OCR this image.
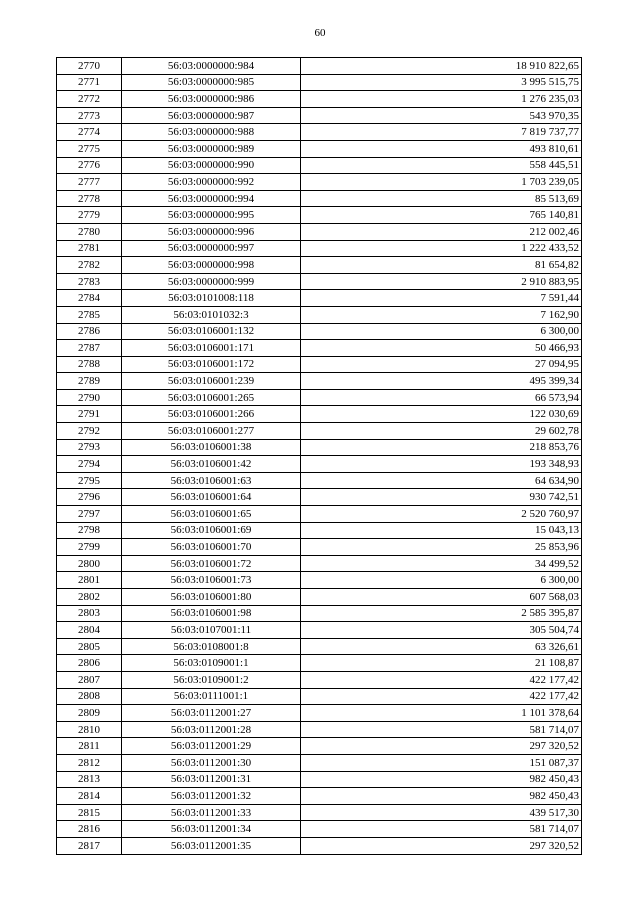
60
2770	56:03:0000000:984	18 910 822,65
2771	56:03:0000000:985	3 995 515,75
2772	56:03:0000000:986	1 276 235,03
2773	56:03:0000000:987	543 970,35
2774	56:03:0000000:988	7 819 737,77
2775	56:03:0000000:989	493 810,61
2776	56:03:0000000:990	558 445,51
2777	56:03:0000000:992	1 703 239,05
2778	56:03:0000000:994	85 513,69
2779	56:03:0000000:995	765 140,81
2780	56:03:0000000:996	212 002,46
2781	56:03:0000000:997	1 222 433,52
2782	56:03:0000000:998	81 654,82
2783	56:03:0000000:999	2 910 883,95
2784	56:03:0101008:118	7 591,44
2785	56:03:0101032:3	7 162,90
2786	56:03:0106001:132	6 300,00
2787	56:03:0106001:171	50 466,93
2788	56:03:0106001:172	27 094,95
2789	56:03:0106001:239	495 399,34
2790	56:03:0106001:265	66 573,94
2791	56:03:0106001:266	122 030,69
2792	56:03:0106001:277	29 602,78
2793	56:03:0106001:38	218 853,76
2794	56:03:0106001:42	193 348,93
2795	56:03:0106001:63	64 634,90
2796	56:03:0106001:64	930 742,51
2797	56:03:0106001:65	2 520 760,97
2798	56:03:0106001:69	15 043,13
2799	56:03:0106001:70	25 853,96
2800	56:03:0106001:72	34 499,52
2801	56:03:0106001:73	6 300,00
2802	56:03:0106001:80	607 568,03
2803	56:03:0106001:98	2 585 395,87
2804	56:03:0107001:11	305 504,74
2805	56:03:0108001:8	63 326,61
2806	56:03:0109001:1	21 108,87
2807	56:03:0109001:2	422 177,42
2808	56:03:0111001:1	422 177,42
2809	56:03:0112001:27	1 101 378,64
2810	56:03:0112001:28	581 714,07
2811	56:03:0112001:29	297 320,52
2812	56:03:0112001:30	151 087,37
2813	56:03:0112001:31	982 450,43
2814	56:03:0112001:32	982 450,43
2815	56:03:0112001:33	439 517,30
2816	56:03:0112001:34	581 714,07
2817	56:03:0112001:35	297 320,52
